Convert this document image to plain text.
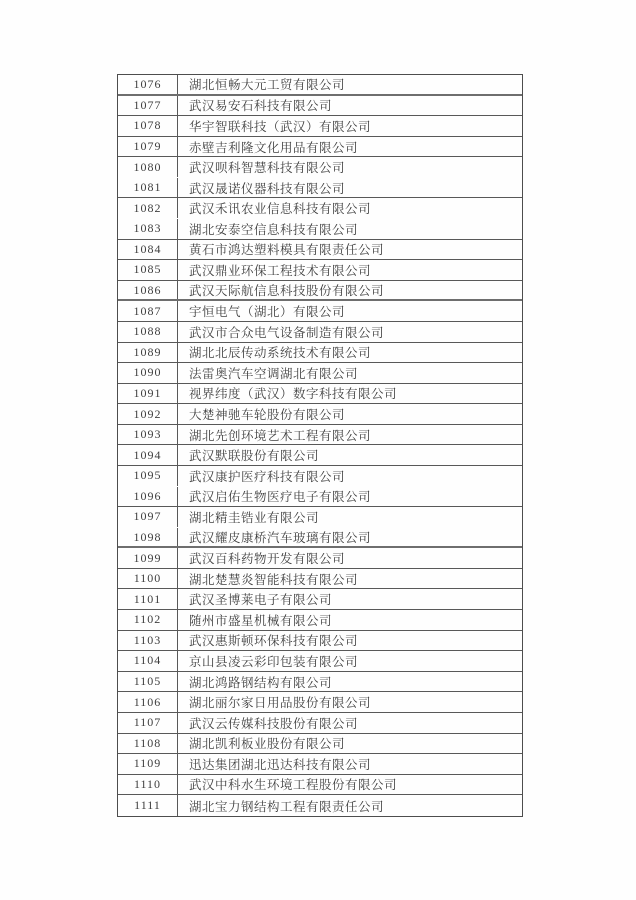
1076	湖北恒畅大元工贸有限公司
1077	武汉易安石科技有限公司
1078	华宇智联科技（武汉）有限公司
1079	赤壁吉利隆文化用品有限公司
1080	武汉呗科智慧科技有限公司
1081	武汉晟诺仪器科技有限公司
1082	武汉禾讯农业信息科技有限公司
1083	湖北安泰空信息科技有限公司
1084	黄石市鸿达塑料模具有限责任公司
1085	武汉鼎业环保工程技术有限公司
1086	武汉天际航信息科技股份有限公司
1087	宇恒电气（湖北）有限公司
1088	武汉市合众电气设备制造有限公司
1089	湖北北辰传动系统技术有限公司
1090	法雷奥汽车空调湖北有限公司
1091	视界纬度（武汉）数字科技有限公司
1092	大楚神驰车轮股份有限公司
1093	湖北先创环境艺术工程有限公司
1094	武汉默联股份有限公司
1095	武汉康护医疗科技有限公司
1096	武汉启佑生物医疗电子有限公司
1097	湖北精圭锆业有限公司
1098	武汉耀皮康桥汽车玻璃有限公司
1099	武汉百科药物开发有限公司
1100	湖北楚慧炎智能科技有限公司
1101	武汉圣博莱电子有限公司
1102	随州市盛星机械有限公司
1103	武汉惠斯顿环保科技有限公司
1104	京山县凌云彩印包装有限公司
1105	湖北鸿路钢结构有限公司
1106	湖北丽尔家日用品股份有限公司
1107	武汉云传媒科技股份有限公司
1108	湖北凯利板业股份有限公司
1109	迅达集团湖北迅达科技有限公司
1110	武汉中科水生环境工程股份有限公司
1111	湖北宝力钢结构工程有限责任公司
